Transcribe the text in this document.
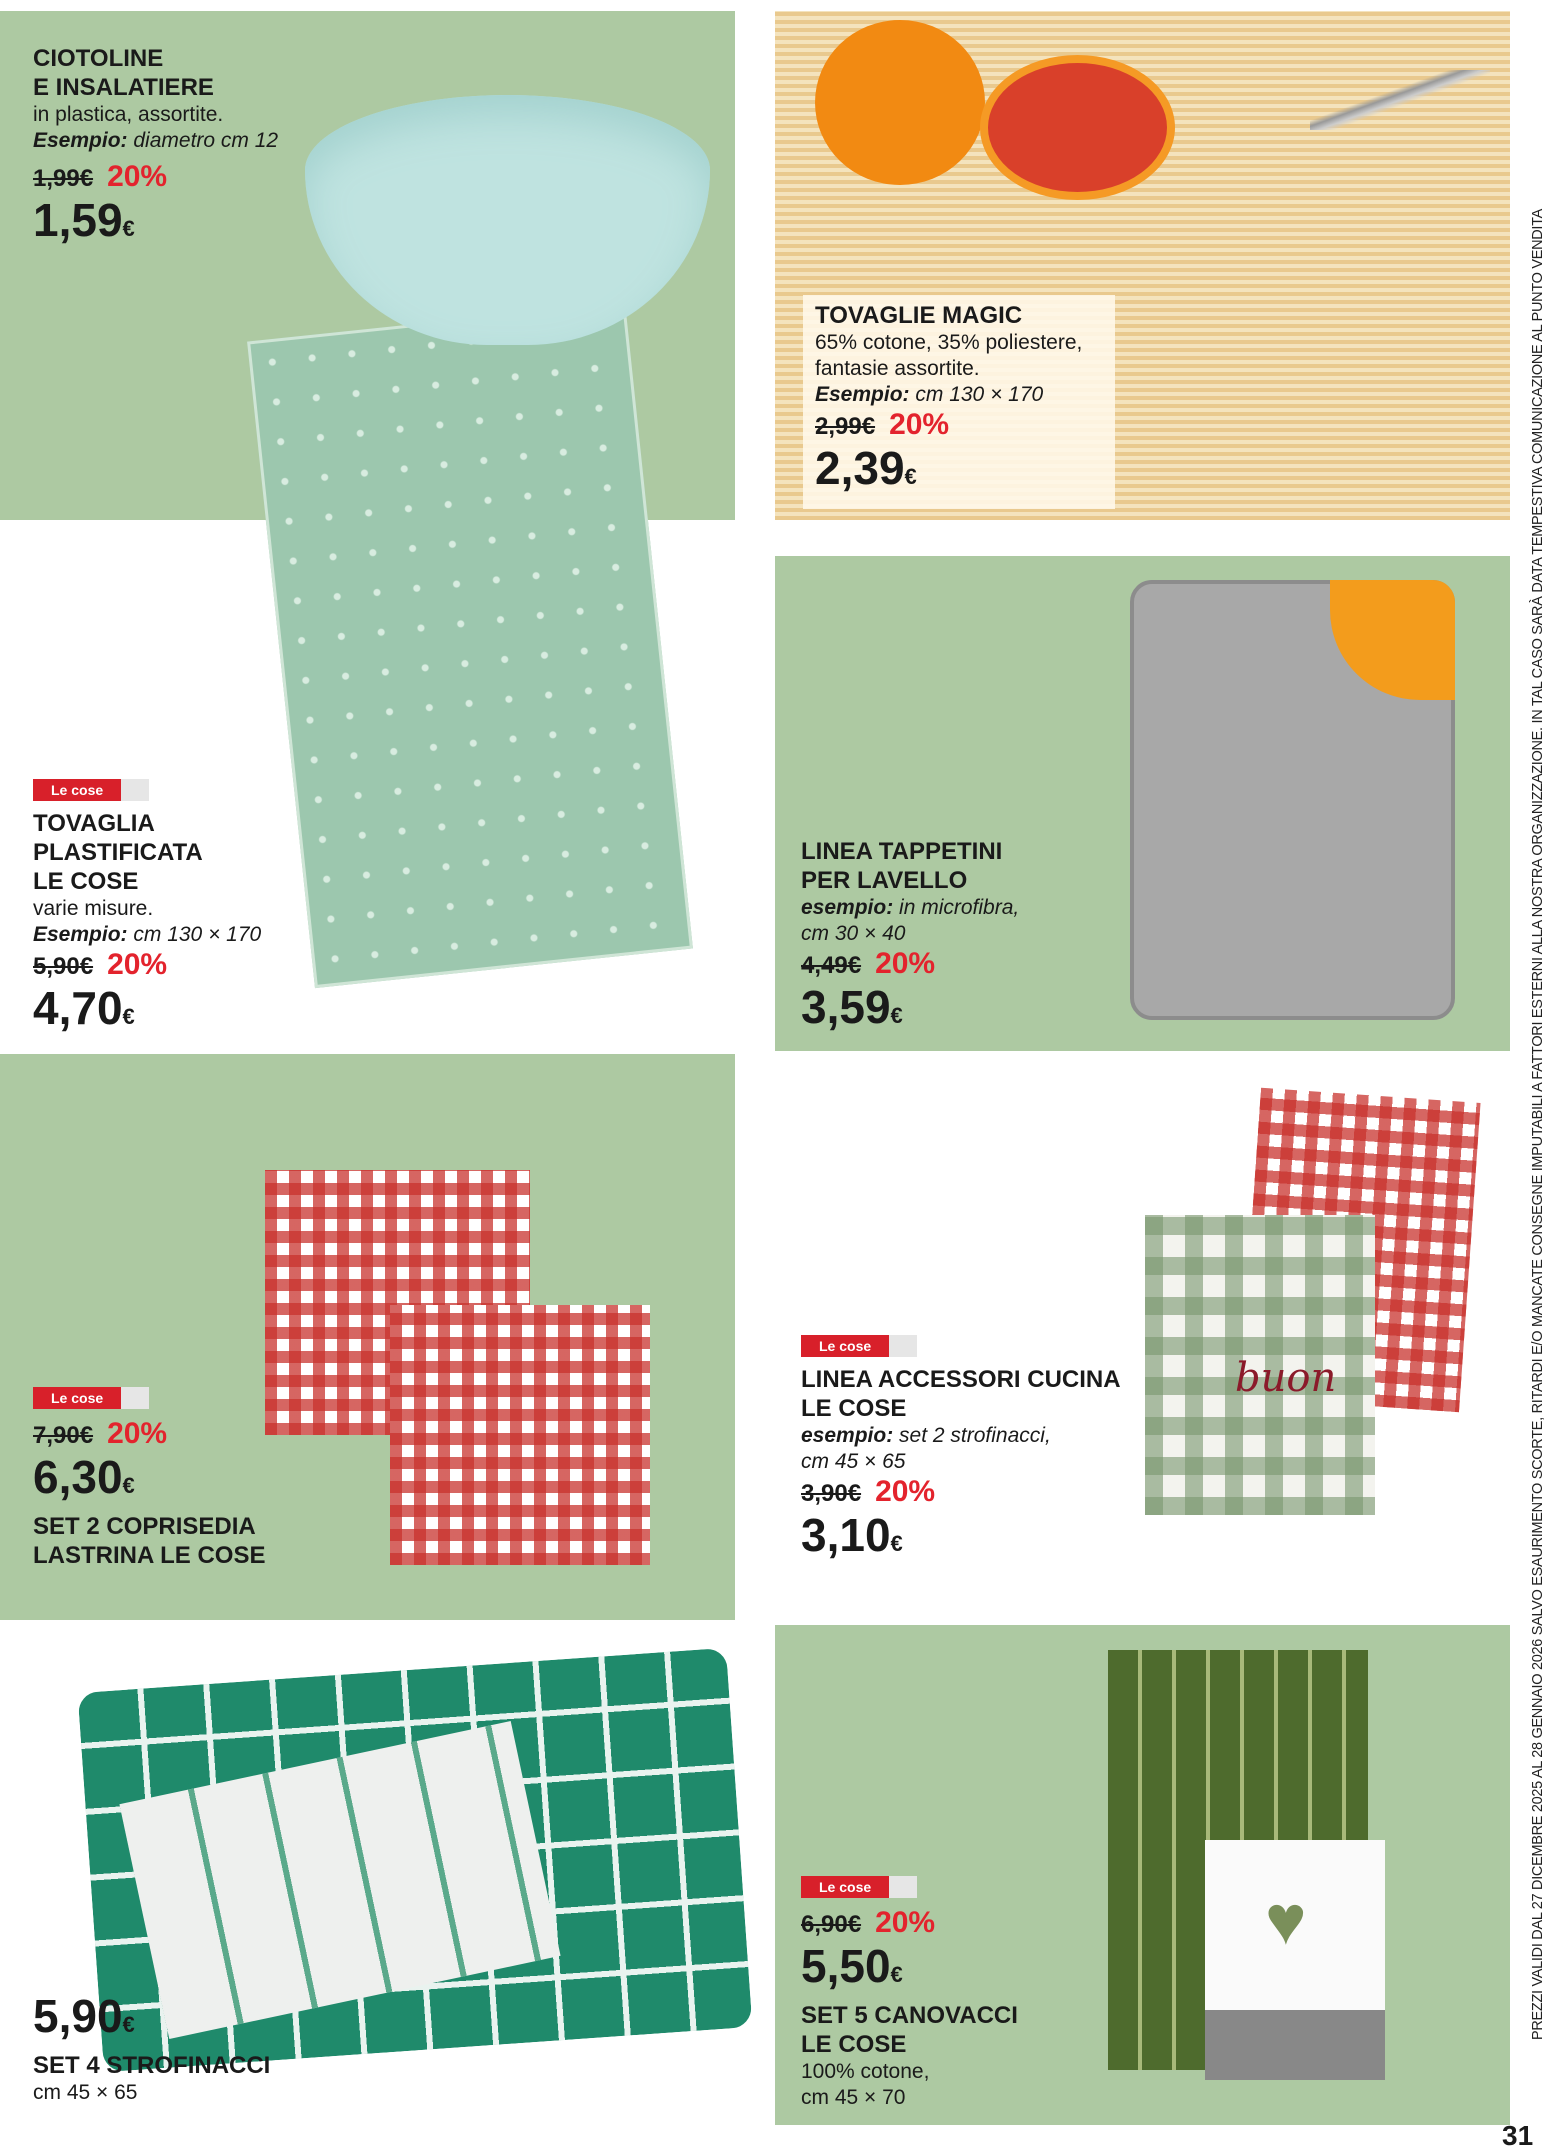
buon
♥
CIOTOLINE
E INSALATIERE
in plastica, assortite.
Esempio: diametro cm 12
1,99€ 20%
1,59€
TOVAGLIE MAGIC
65% cotone, 35% poliestere, fantasie assortite.
Esempio: cm 130 × 170
2,99€ 20%
2,39€
Le cose
TOVAGLIA
PLASTIFICATA
LE COSE
varie misure.
Esempio: cm 130 × 170
5,90€ 20%
4,70€
LINEA TAPPETINI
PER LAVELLO
esempio: in microfibra,
cm 30 × 40
4,49€ 20%
3,59€
Le cose
7,90€ 20%
6,30€
SET 2 COPRISEDIA
LASTRINA LE COSE
Le cose
LINEA ACCESSORI CUCINA
LE COSE
esempio: set 2 strofinacci,
cm 45 × 65
3,90€ 20%
3,10€
5,90€
SET 4 STROFINACCI
cm 45 × 65
Le cose
6,90€ 20%
5,50€
SET 5 CANOVACCI
LE COSE
100% cotone,
cm 45 × 70
PREZZI VALIDI DAL 27 DICEMBRE 2025 AL 28 GENNAIO 2026 SALVO ESAURIMENTO SCORTE, RITARDI E/O MANCATE CONSEGNE IMPUTABILI A FATTORI ESTERNI ALLA NOSTRA ORGANIZZAZIONE. IN TAL CASO SARÀ DATA TEMPESTIVA COMUNICAZIONE AL PUNTO VENDITA
31
